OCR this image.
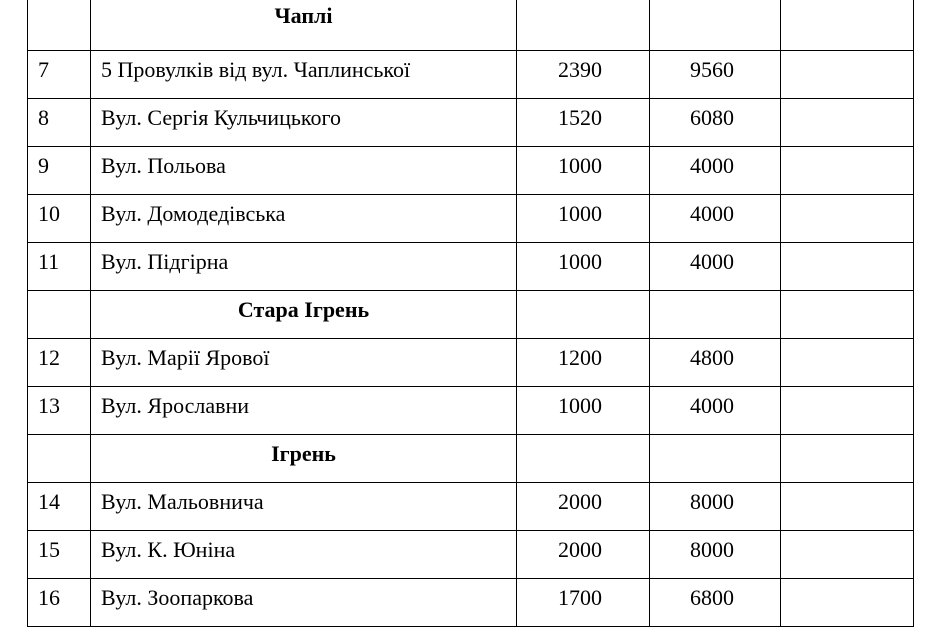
	Чаплі			
7	5 Провулків від вул. Чаплинської	2390	9560	
8	Вул. Сергія Кульчицького	1520	6080	
9	Вул. Польова	1000	4000	
10	Вул. Домодедівська	1000	4000	
11	Вул. Підгірна	1000	4000	
	Стара Ігрень			
12	Вул. Марії Ярової	1200	4800	
13	Вул. Ярославни	1000	4000	
	Ігрень			
14	Вул. Мальовнича	2000	8000	
15	Вул. К. Юніна	2000	8000	
16	Вул. Зоопаркова	1700	6800	
